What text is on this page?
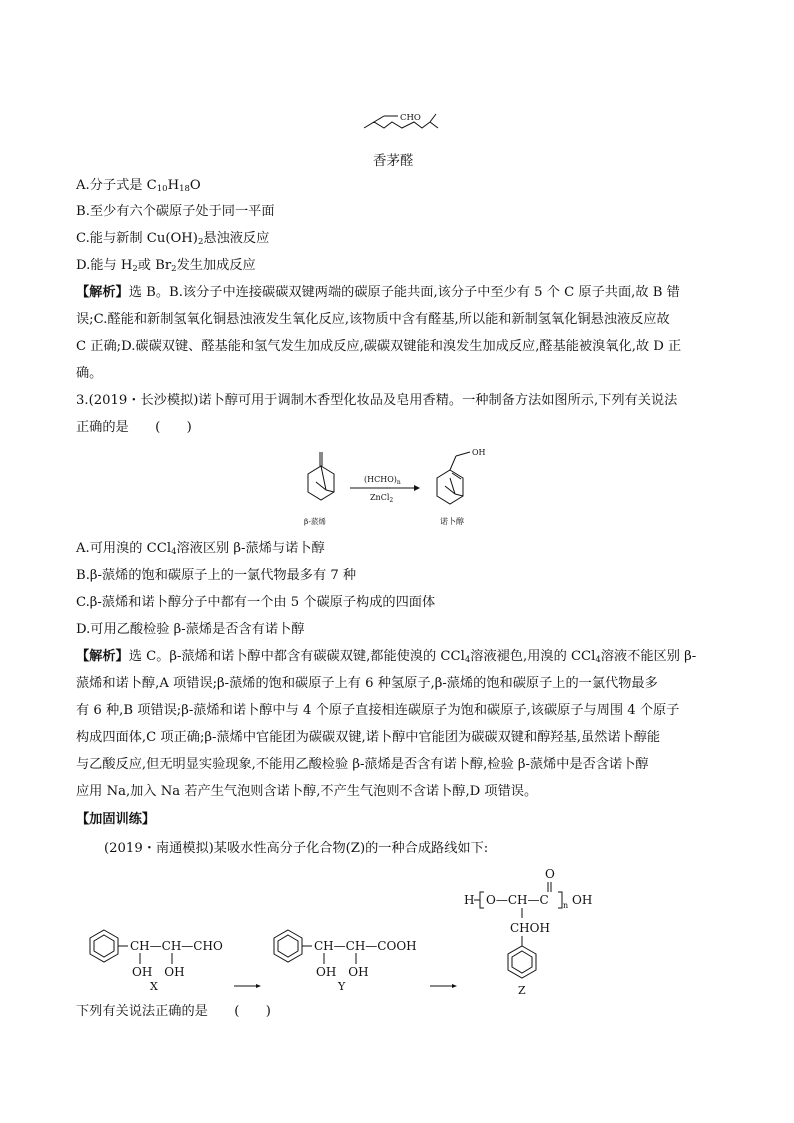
CHO
香茅醛
A.分子式是 $C_{10}H_{18}O$
B.至少有六个碳原子处于同一平面
C.能与新制 $Cu(OH)_2$悬浊液反应
D.能与 $H_2$或 $Br_2$发生加成反应
【解析】选 B。B.该分子中连接碳碳双键两端的碳原子能共面,该分子中至少有 5 个 C 原子共面,故 B 错
误;C.醛能和新制氢氧化铜悬浊液发生氧化反应,该物质中含有醛基,所以能和新制氢氧化铜悬浊液反应故
C 正确;D.碳碳双键、醛基能和氢气发生加成反应,碳碳双键能和溴发生加成反应,醛基能被溴氧化,故 D 正
确。
3.(2019・长沙模拟)诺卜醇可用于调制木香型化妆品及皂用香精。一种制备方法如图所示,下列有关说法
正确的是　　(　　)
β-蒎烯
$(HCHO)_n$
ZnCl$_2$
OH
诺卜醇
A.可用溴的 CCl$_4$溶液区别 β-蒎烯与诺卜醇
B.β-蒎烯的饱和碳原子上的一氯代物最多有 7 种
C.β-蒎烯和诺卜醇分子中都有一个由 5 个碳原子构成的四面体
D.可用乙酸检验 β-蒎烯是否含有诺卜醇
【解析】选 C。β-蒎烯和诺卜醇中都含有碳碳双键,都能使溴的 CCl$_4$溶液褪色,用溴的 CCl$_4$溶液不能区别 β-
蒎烯和诺卜醇,A 项错误;β-蒎烯的饱和碳原子上有 6 种氢原子,β-蒎烯的饱和碳原子上的一氯代物最多
有 6 种,B 项错误;β-蒎烯和诺卜醇中与 4 个原子直接相连碳原子为饱和碳原子,该碳原子与周围 4 个原子
构成四面体,C 项正确;β-蒎烯中官能团为碳碳双键,诺卜醇中官能团为碳碳双键和醇羟基,虽然诺卜醇能
与乙酸反应,但无明显实验现象,不能用乙酸检验 β-蒎烯是否含有诺卜醇,检验 β-蒎烯中是否含诺卜醇
应用 Na,加入 Na 若产生气泡则含诺卜醇,不产生气泡则不含诺卜醇,D 项错误。
【加固训练】
(2019・南通模拟)某吸水性高分子化合物(Z)的一种合成路线如下:
CH—CH—CHO
OH　OH
X
CH—CH—COOH
OH　OH
Y
O
H O—CH—C n OH
CHOH
Z
下列有关说法正确的是　　(　　)
